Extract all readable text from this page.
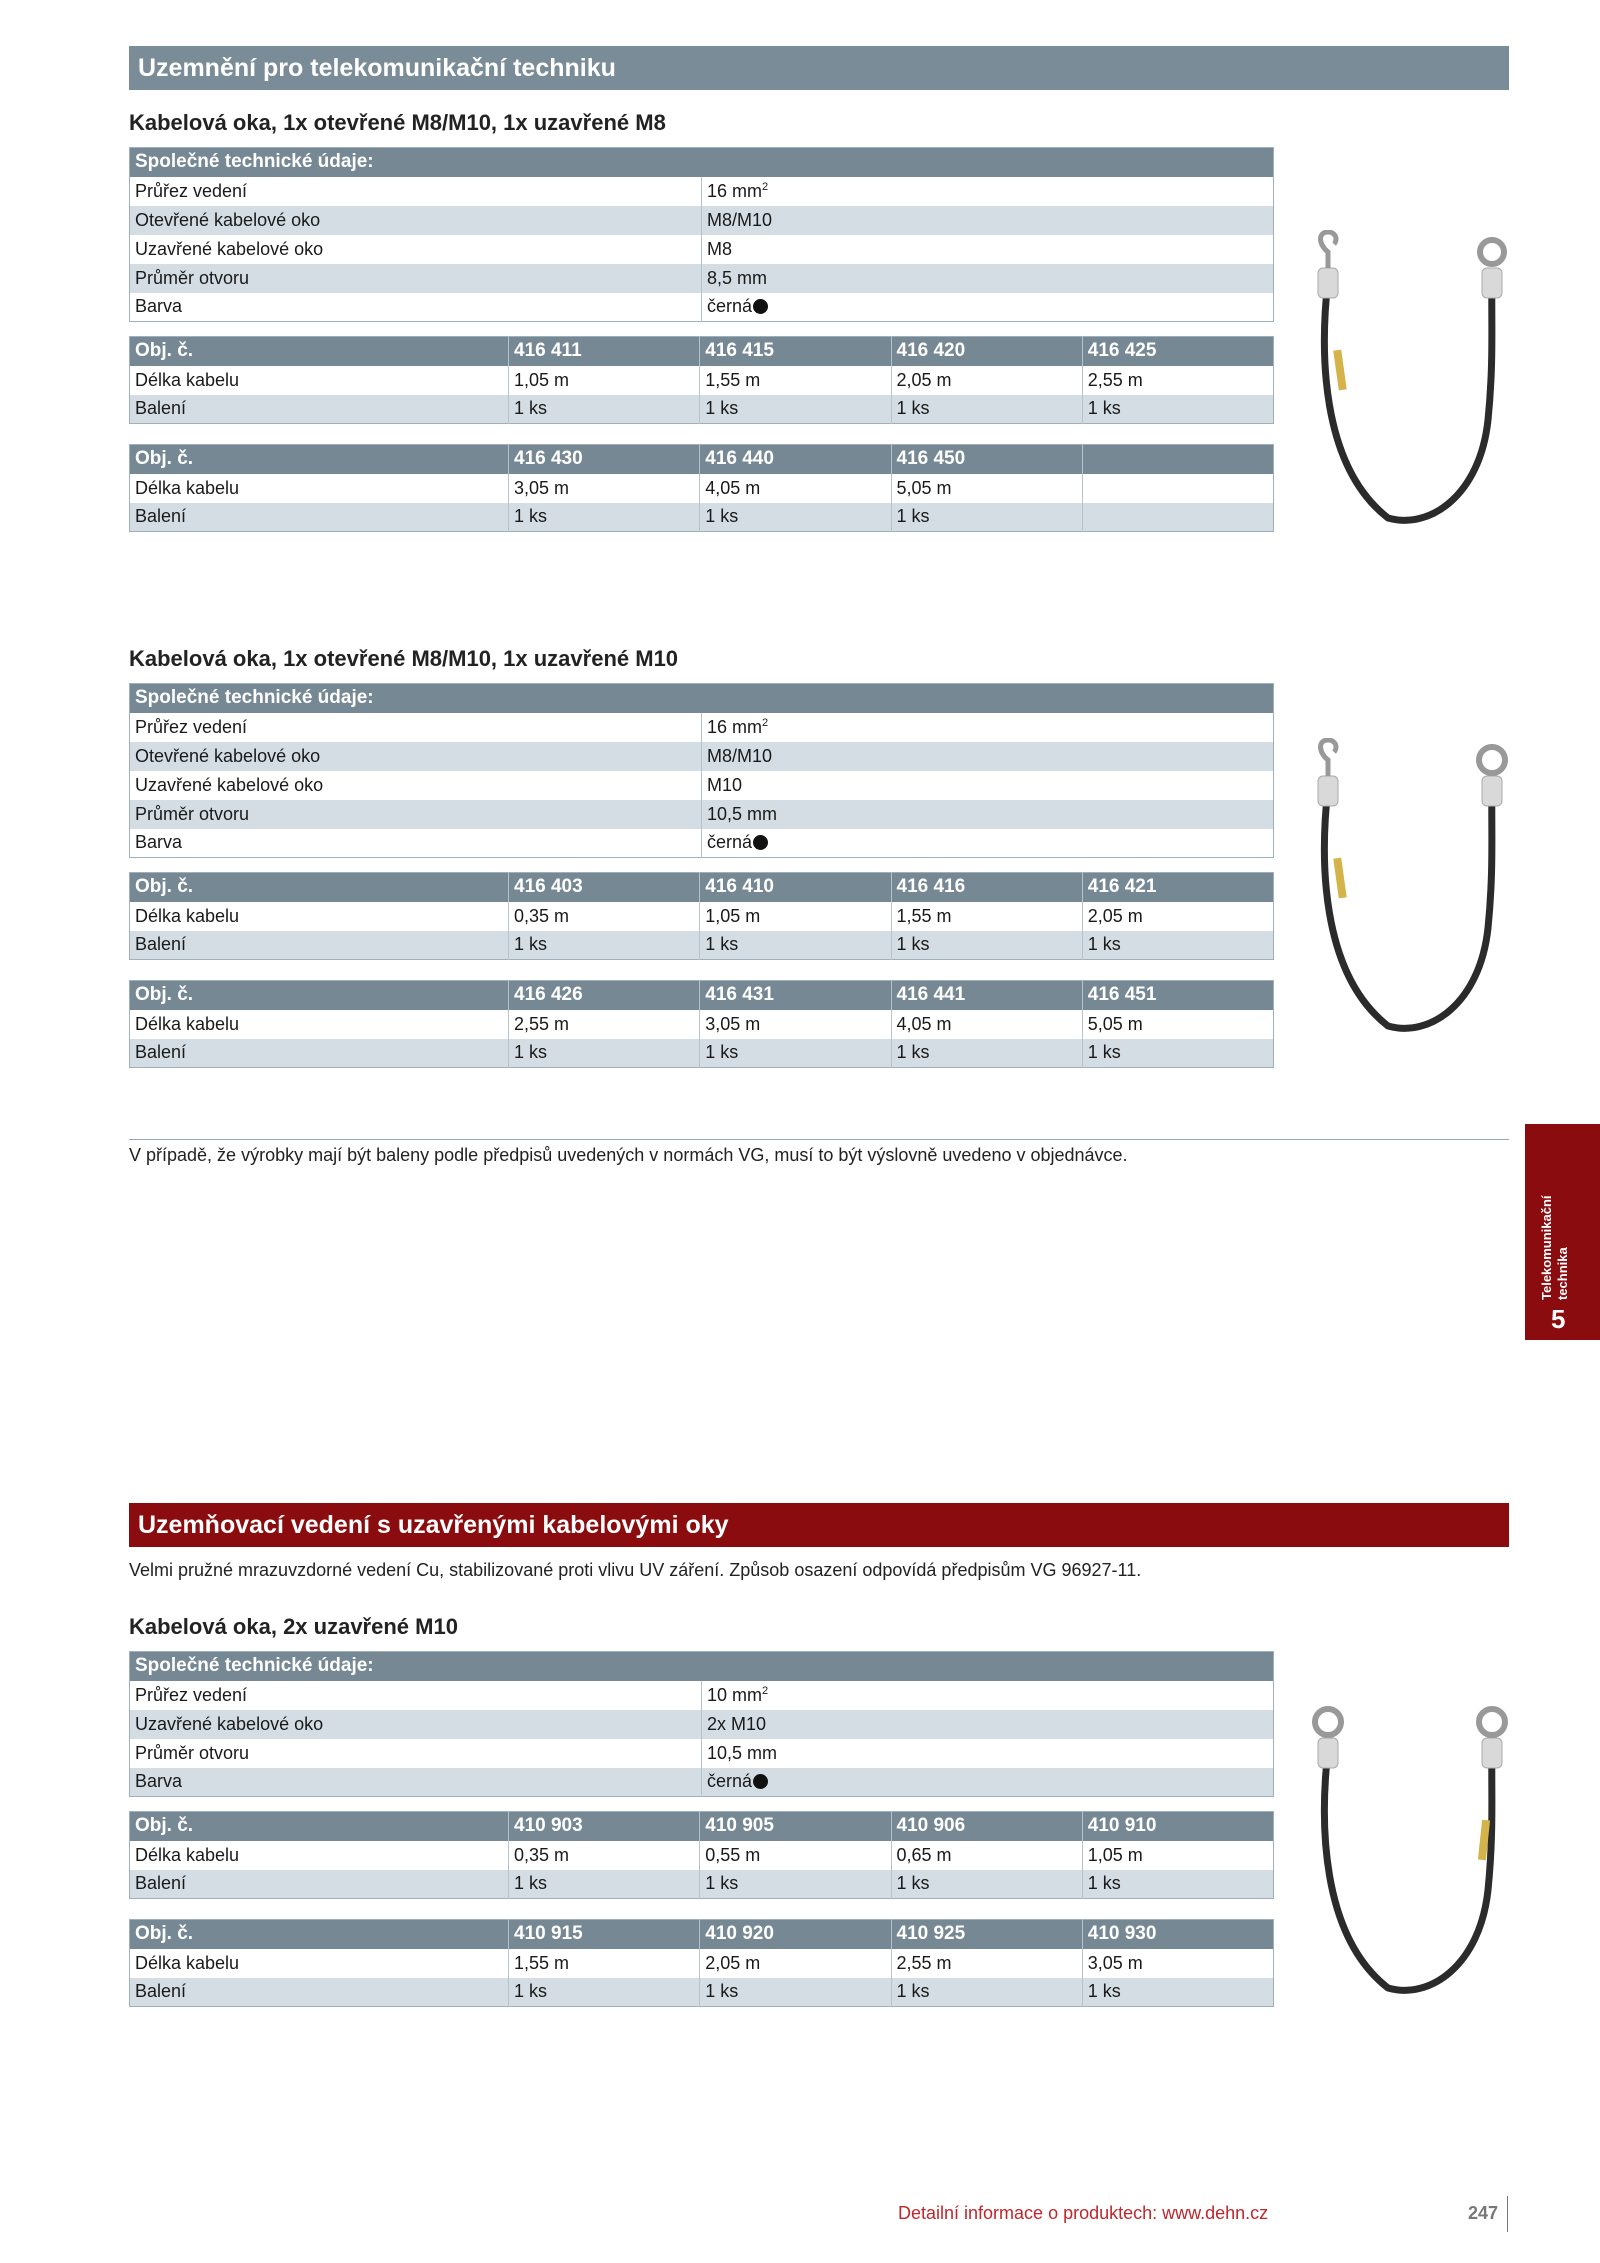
Uzemnění pro telekomunikační techniku
Kabelová oka, 1x otevřené M8/M10, 1x uzavřené M8
Společné technické údaje:	
Průřez vedení	16 $mm^2$
Otevřené kabelové oko	M8/M10
Uzavřené kabelové oko	M8
Průměr otvoru	8,5 mm
Barva	černá
Obj. č.	416 411	416 415	416 420	416 425
Délka kabelu	1,05 m	1,55 m	2,05 m	2,55 m
Balení	1 ks	1 ks	1 ks	1 ks
Obj. č.	416 430	416 440	416 450	
Délka kabelu	3,05 m	4,05 m	5,05 m	
Balení	1 ks	1 ks	1 ks	
Kabelová oka, 1x otevřené M8/M10, 1x uzavřené M10
Společné technické údaje:	
Průřez vedení	16 $mm^2$
Otevřené kabelové oko	M8/M10
Uzavřené kabelové oko	M10
Průměr otvoru	10,5 mm
Barva	černá
Obj. č.	416 403	416 410	416 416	416 421
Délka kabelu	0,35 m	1,05 m	1,55 m	2,05 m
Balení	1 ks	1 ks	1 ks	1 ks
Obj. č.	416 426	416 431	416 441	416 451
Délka kabelu	2,55 m	3,05 m	4,05 m	5,05 m
Balení	1 ks	1 ks	1 ks	1 ks
V případě, že výrobky mají být baleny podle předpisů uvedených v normách VG, musí to být výslovně uvedeno v objednávce.
Telekomunikační
technika
5
Uzemňovací vedení s uzavřenými kabelovými oky
Velmi pružné mrazuvzdorné vedení Cu, stabilizované proti vlivu UV záření. Způsob osazení odpovídá předpisům VG 96927-11.
Kabelová oka, 2x uzavřené M10
Společné technické údaje:	
Průřez vedení	10 $mm^2$
Uzavřené kabelové oko	2x M10
Průměr otvoru	10,5 mm
Barva	černá
Obj. č.	410 903	410 905	410 906	410 910
Délka kabelu	0,35 m	0,55 m	0,65 m	1,05 m
Balení	1 ks	1 ks	1 ks	1 ks
Obj. č.	410 915	410 920	410 925	410 930
Délka kabelu	1,55 m	2,05 m	2,55 m	3,05 m
Balení	1 ks	1 ks	1 ks	1 ks
Detailní informace o produktech: www.dehn.cz	247
